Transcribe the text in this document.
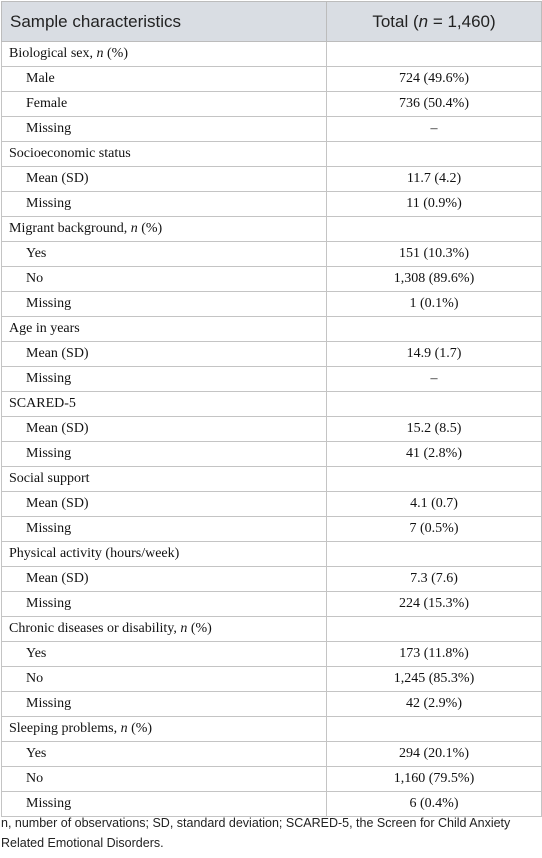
Sample characteristics	Total (n = 1,460)
Biological sex, n (%)	
Male	724 (49.6%)
Female	736 (50.4%)
Missing	–
Socioeconomic status	
Mean (SD)	11.7 (4.2)
Missing	11 (0.9%)
Migrant background, n (%)	
Yes	151 (10.3%)
No	1,308 (89.6%)
Missing	1 (0.1%)
Age in years	
Mean (SD)	14.9 (1.7)
Missing	–
SCARED-5	
Mean (SD)	15.2 (8.5)
Missing	41 (2.8%)
Social support	
Mean (SD)	4.1 (0.7)
Missing	7 (0.5%)
Physical activity (hours/week)	
Mean (SD)	7.3 (7.6)
Missing	224 (15.3%)
Chronic diseases or disability, n (%)	
Yes	173 (11.8%)
No	1,245 (85.3%)
Missing	42 (2.9%)
Sleeping problems, n (%)	
Yes	294 (20.1%)
No	1,160 (79.5%)
Missing	6 (0.4%)
n, number of observations; SD, standard deviation; SCARED-5, the Screen for Child Anxiety Related Emotional Disorders.
